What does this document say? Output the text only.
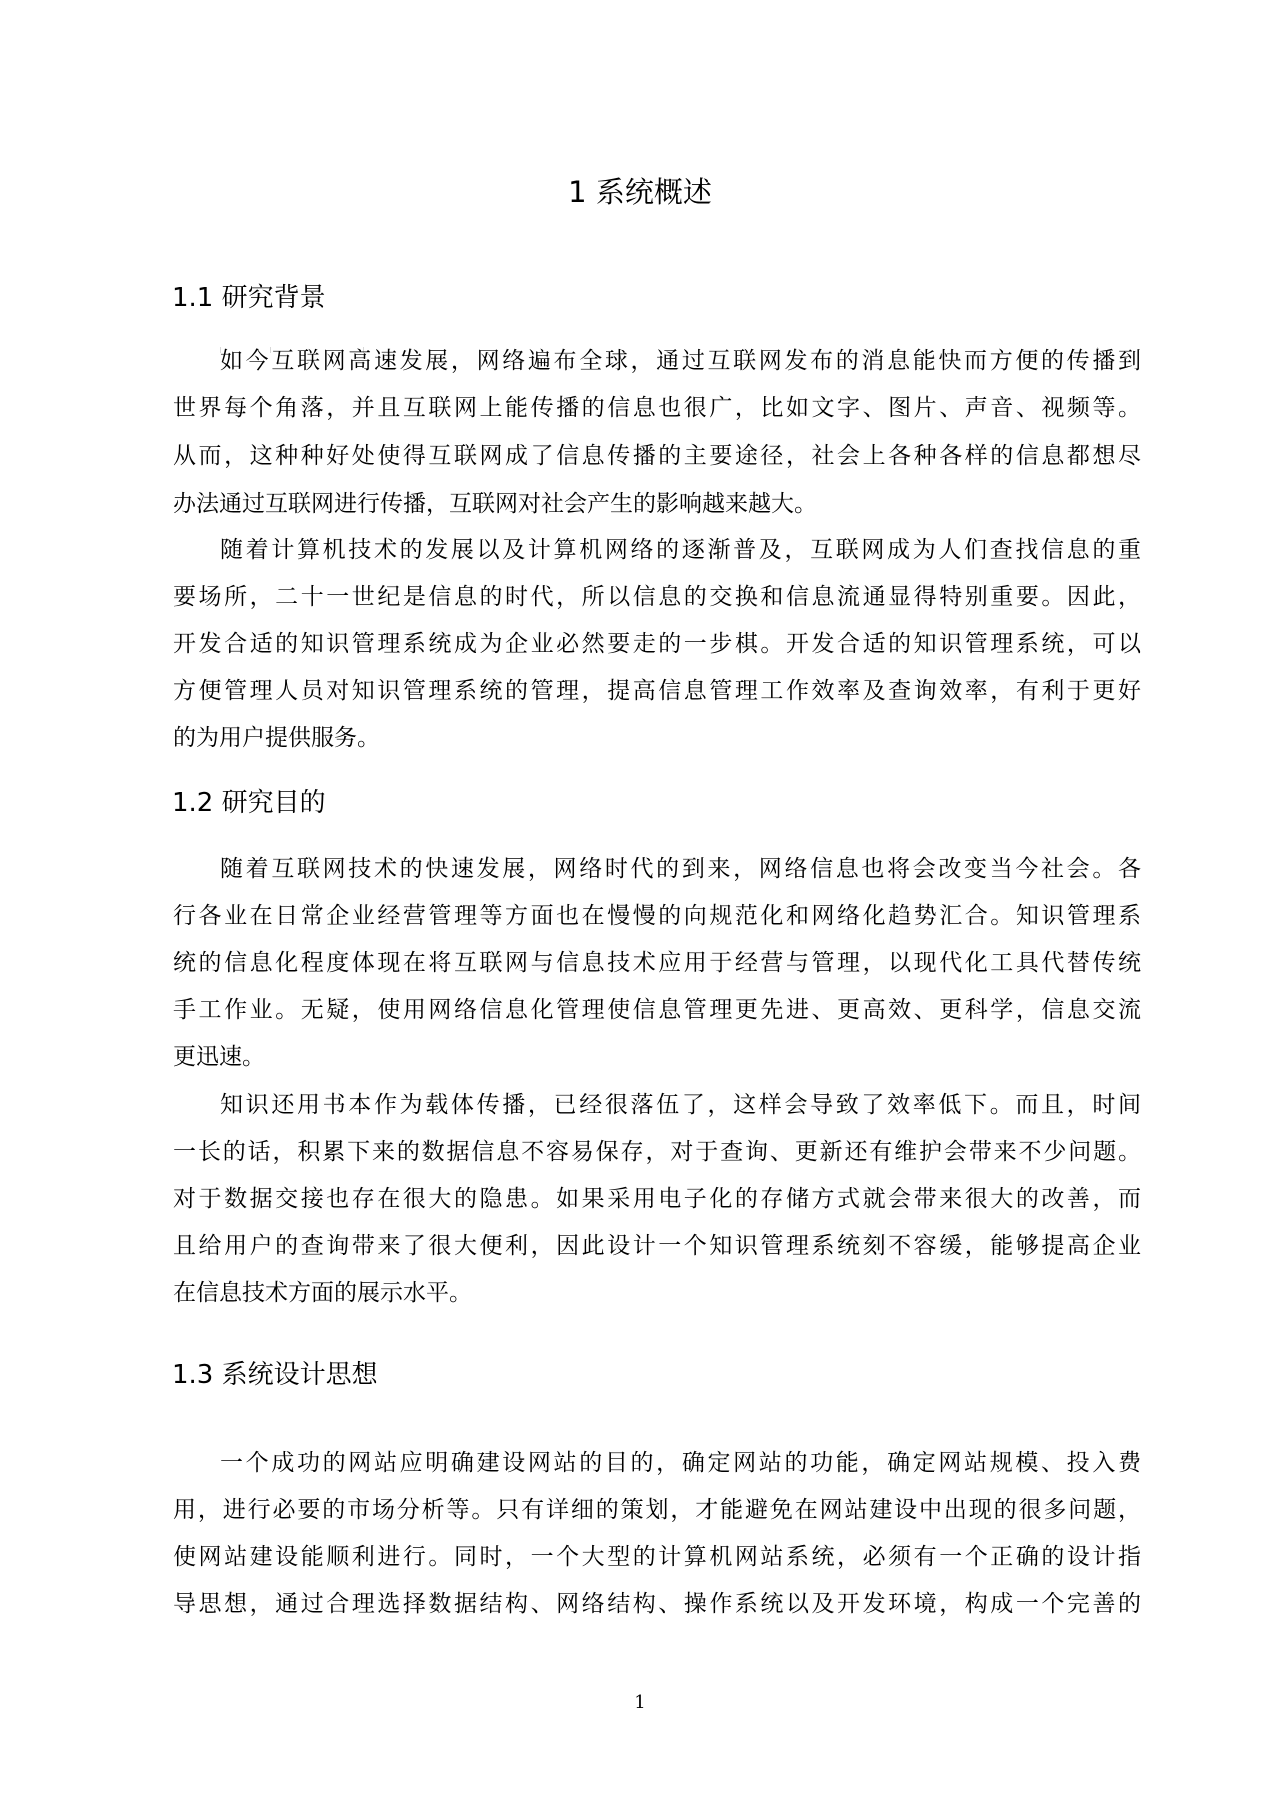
1 系统概述
1.1 研究背景
如今互联网高速发展，网络遍布全球，通过互联网发布的消息能快而方便的传播到
世界每个角落，并且互联网上能传播的信息也很广，比如文字、图片、声音、视频等。
从而，这种种好处使得互联网成了信息传播的主要途径，社会上各种各样的信息都想尽
办法通过互联网进行传播，互联网对社会产生的影响越来越大。
随着计算机技术的发展以及计算机网络的逐渐普及，互联网成为人们查找信息的重
要场所，二十一世纪是信息的时代，所以信息的交换和信息流通显得特别重要。因此，
开发合适的知识管理系统成为企业必然要走的一步棋。开发合适的知识管理系统，可以
方便管理人员对知识管理系统的管理，提高信息管理工作效率及查询效率，有利于更好
的为用户提供服务。
1.2 研究目的
随着互联网技术的快速发展，网络时代的到来，网络信息也将会改变当今社会。各
行各业在日常企业经营管理等方面也在慢慢的向规范化和网络化趋势汇合。知识管理系
统的信息化程度体现在将互联网与信息技术应用于经营与管理，以现代化工具代替传统
手工作业。无疑，使用网络信息化管理使信息管理更先进、更高效、更科学，信息交流
更迅速。
知识还用书本作为载体传播，已经很落伍了，这样会导致了效率低下。而且，时间
一长的话，积累下来的数据信息不容易保存，对于查询、更新还有维护会带来不少问题。
对于数据交接也存在很大的隐患。如果采用电子化的存储方式就会带来很大的改善，而
且给用户的查询带来了很大便利，因此设计一个知识管理系统刻不容缓，能够提高企业
在信息技术方面的展示水平。
1.3 系统设计思想
一个成功的网站应明确建设网站的目的，确定网站的功能，确定网站规模、投入费
用，进行必要的市场分析等。只有详细的策划，才能避免在网站建设中出现的很多问题，
使网站建设能顺利进行。同时，一个大型的计算机网站系统，必须有一个正确的设计指
导思想，通过合理选择数据结构、网络结构、操作系统以及开发环境，构成一个完善的
1
